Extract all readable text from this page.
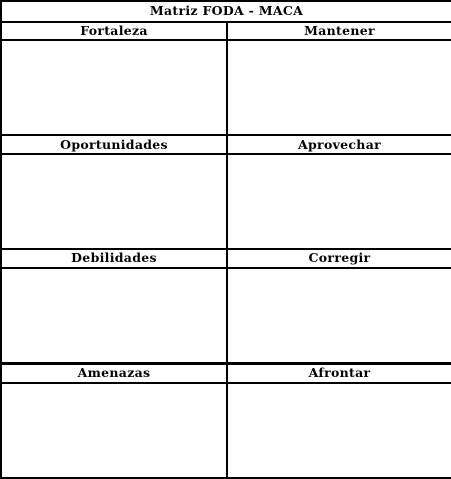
Matriz FODA - MACA	
Fortaleza	Mantener

Oportunidades	Aprovechar

Debilidades	Corregir

Amenazas	Afrontar
